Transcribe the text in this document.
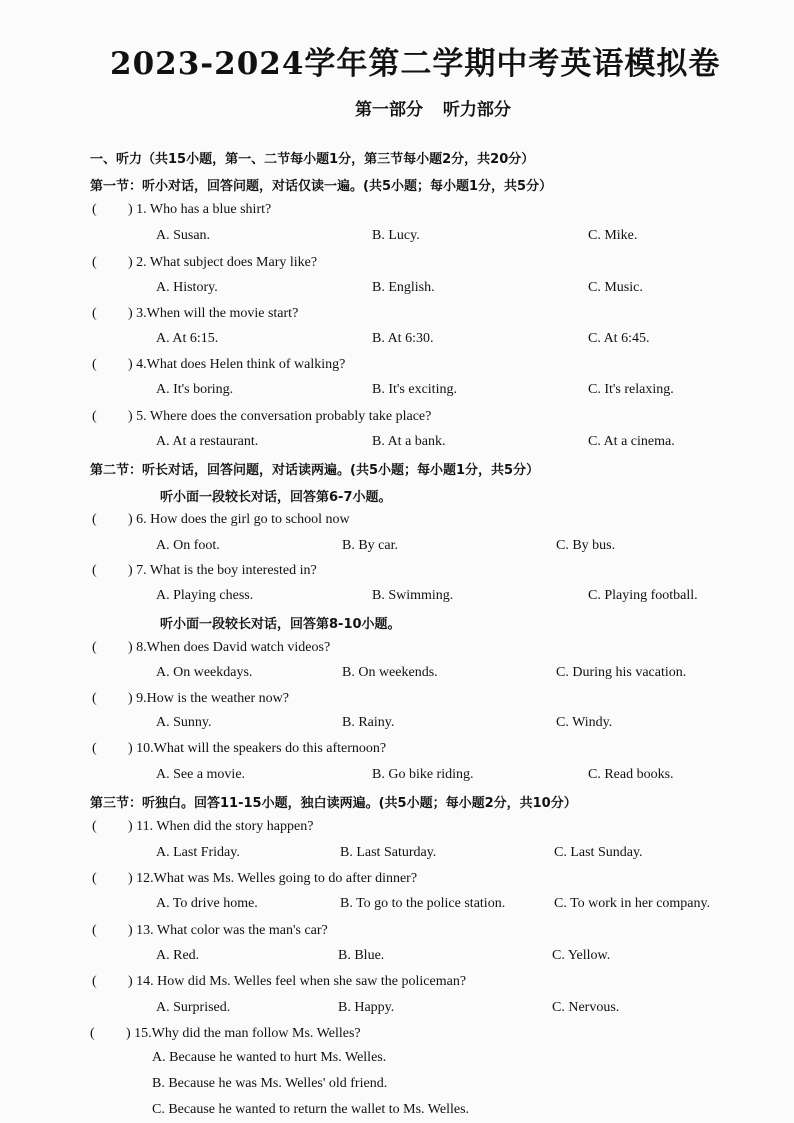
2023-2024学年第二学期中考英语模拟卷
第一部分 听力部分
一、听力（共15小题，第一、二节每小题1分，第三节每小题2分，共20分）
第一节：听小对话，回答问题，对话仅读一遍。(共5小题；每小题1分，共5分）
( ) 1. Who has a blue shirt?
A. Susan.	B. Lucy.	C. Mike.
( ) 2. What subject does Mary like?
A. History.	B. English.	C. Music.
( ) 3.When will the movie start?
A. At 6:15.	B. At 6:30.	C. At 6:45.
( ) 4.What does Helen think of walking?
A. It's boring.	B. It's exciting.	C. It's relaxing.
( ) 5. Where does the conversation probably take place?
A. At a restaurant.	B. At a bank.	C. At a cinema.
第二节：听长对话，回答问题，对话读两遍。(共5小题；每小题1分，共5分）
听小面一段较长对话，回答第6-7小题。
( ) 6. How does the girl go to school now
A. On foot.	B. By car.	C. By bus.
( ) 7. What is the boy interested in?
A. Playing chess.	B. Swimming.	C. Playing football.
听小面一段较长对话，回答第8-10小题。
( ) 8.When does David watch videos?
A. On weekdays.	B. On weekends.	C. During his vacation.
( ) 9.How is the weather now?
A. Sunny.	B. Rainy.	C. Windy.
( ) 10.What will the speakers do this afternoon?
A. See a movie.	B. Go bike riding.	C. Read books.
第三节：听独白。回答11-15小题，独白读两遍。(共5小题；每小题2分，共10分）
( ) 11. When did the story happen?
A. Last Friday.	B. Last Saturday.	C. Last Sunday.
( ) 12.What was Ms. Welles going to do after dinner?
A. To drive home.	B. To go to the police station.	C. To work in her company.
( ) 13. What color was the man's car?
A. Red.	B. Blue.	C. Yellow.
( ) 14. How did Ms. Welles feel when she saw the policeman?
A. Surprised.	B. Happy.	C. Nervous.
( ) 15.Why did the man follow Ms. Welles?
A. Because he wanted to hurt Ms. Welles.
B. Because he was Ms. Welles' old friend.
C. Because he wanted to return the wallet to Ms. Welles.
